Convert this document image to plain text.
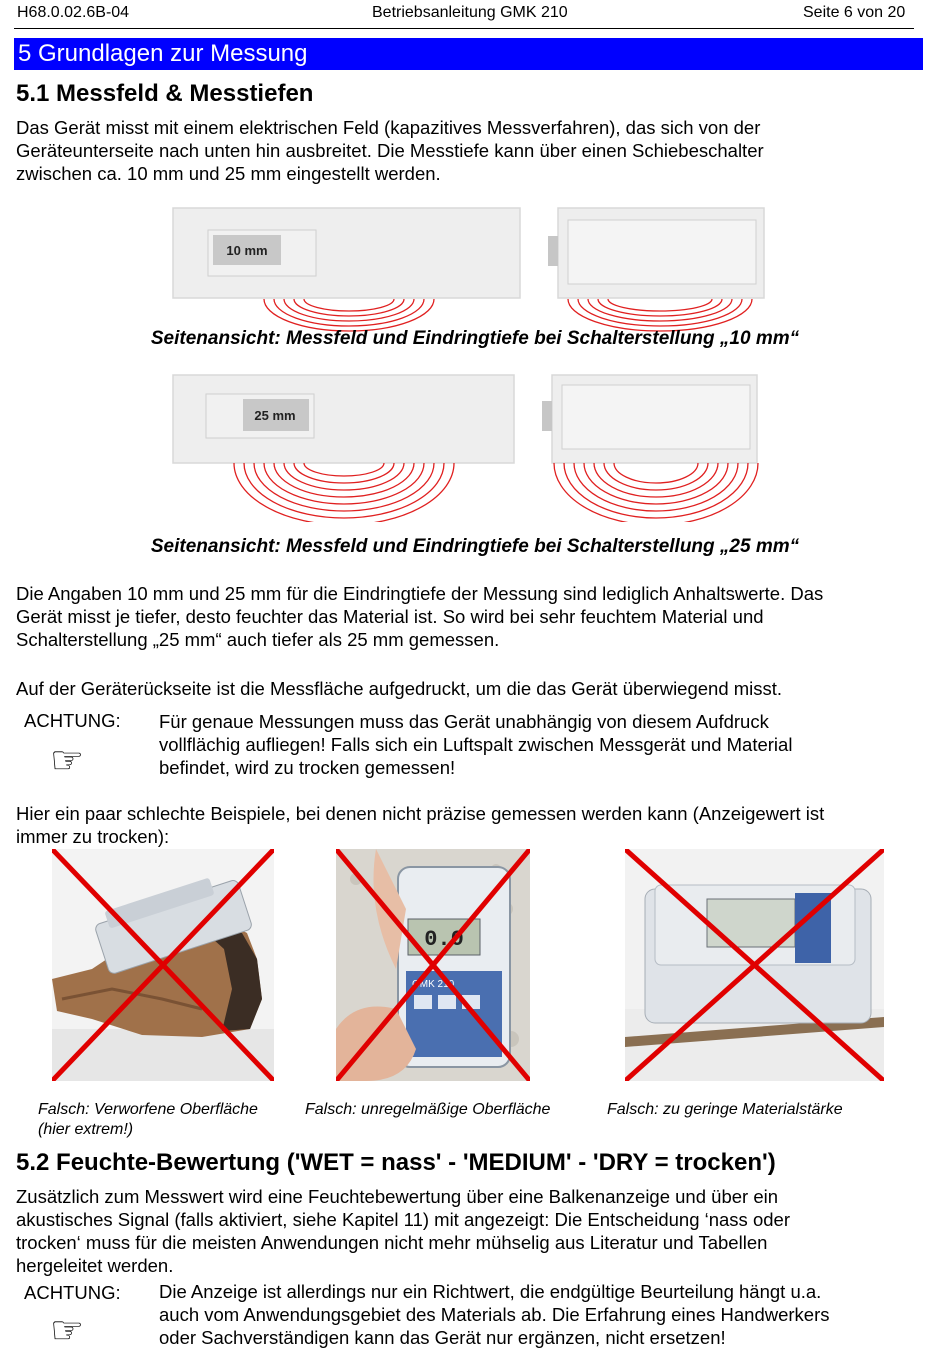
H68.0.02.6B-04	Betriebsanleitung GMK 210	Seite 6 von 20
5 Grundlagen zur Messung
5.1 Messfeld & Messtiefen
Das Gerät misst mit einem elektrischen Feld (kapazitives Messverfahren), das sich von der
Geräteunterseite nach unten hin ausbreitet. Die Messtiefe kann über einen Schiebeschalter
zwischen ca. 10 mm und 25 mm eingestellt werden.
10 mm
Seitenansicht: Messfeld und Eindringtiefe bei Schalterstellung „10 mm“
25 mm
Seitenansicht: Messfeld und Eindringtiefe bei Schalterstellung „25 mm“
Die Angaben 10 mm und 25 mm für die Eindringtiefe der Messung sind lediglich Anhaltswerte. Das
Gerät misst je tiefer, desto feuchter das Material ist. So wird bei sehr feuchtem Material und
Schalterstellung „25 mm“ auch tiefer als 25 mm gemessen.
Auf der Geräterückseite ist die Messfläche aufgedruckt, um die das Gerät überwiegend misst.
ACHTUNG:
☞
Für genaue Messungen muss das Gerät unabhängig von diesem Aufdruck
vollflächig aufliegen! Falls sich ein Luftspalt zwischen Messgerät und Material
befindet, wird zu trocken gemessen!
Hier ein paar schlechte Beispiele, bei denen nicht präzise gemessen werden kann (Anzeigewert ist
immer zu trocken):
0.0
GMK 210
Falsch: Verworfene Oberfläche
(hier extrem!)
Falsch: unregelmäßige Oberfläche	Falsch: zu geringe Materialstärke
5.2 Feuchte-Bewertung ('WET = nass' - 'MEDIUM' - 'DRY = trocken')
Zusätzlich zum Messwert wird eine Feuchtebewertung über eine Balkenanzeige und über ein
akustisches Signal (falls aktiviert, siehe Kapitel 11) mit angezeigt: Die Entscheidung ‘nass oder
trocken‘ muss für die meisten Anwendungen nicht mehr mühselig aus Literatur und Tabellen
hergeleitet werden.
ACHTUNG:
☞
Die Anzeige ist allerdings nur ein Richtwert, die endgültige Beurteilung hängt u.a.
auch vom Anwendungsgebiet des Materials ab. Die Erfahrung eines Handwerkers
oder Sachverständigen kann das Gerät nur ergänzen, nicht ersetzen!
